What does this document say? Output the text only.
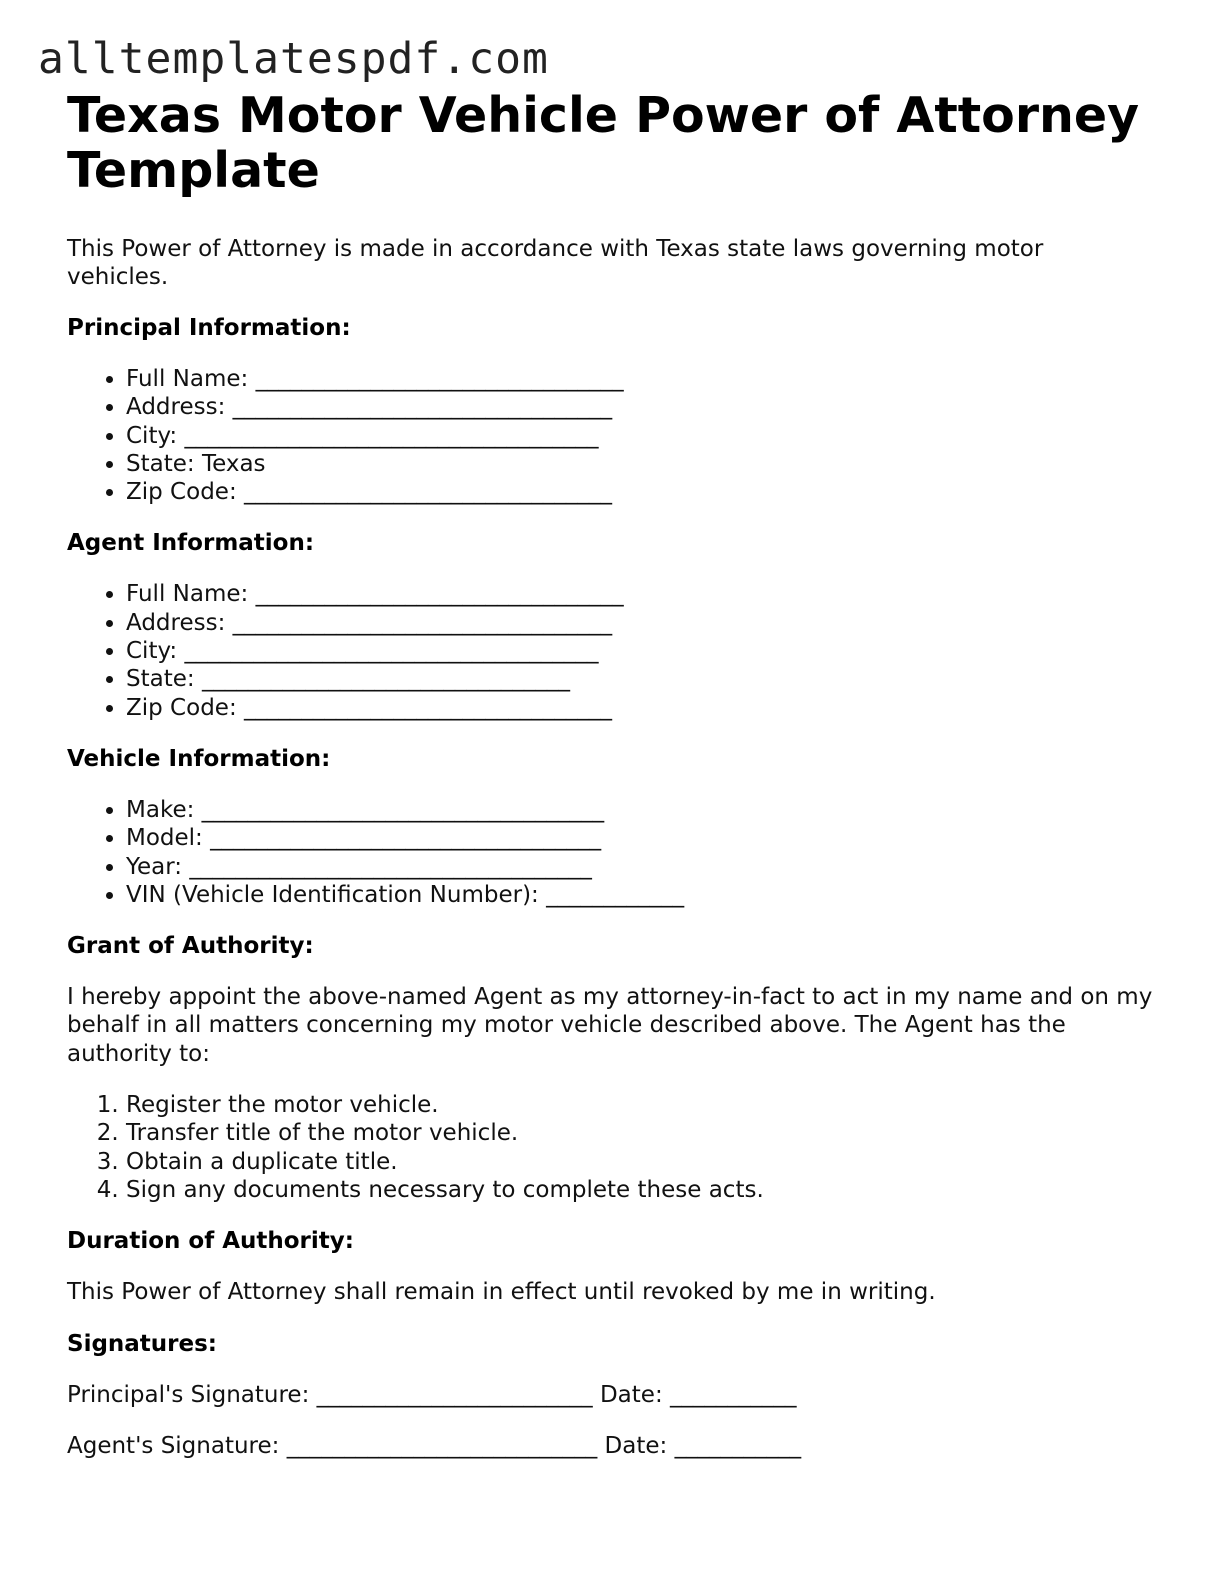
alltemplatespdf.com
Texas Motor Vehicle Power of Attorney Template

This Power of Attorney is made in accordance with Texas state laws governing motor vehicles.

Principal Information:
• Full Name: ________________________________
• Address: _________________________________
• City: ____________________________________
• State: Texas
• Zip Code: ________________________________
Agent Information:
• Full Name: ________________________________
• Address: _________________________________
• City: ____________________________________
• State: ________________________________
• Zip Code: ________________________________
Vehicle Information:
• Make: ___________________________________
• Model: __________________________________
• Year: ___________________________________
• VIN (Vehicle Identification Number): ____________
Grant of Authority:

I hereby appoint the above-named Agent as my attorney-in-fact to act in my name and on my behalf in all matters concerning my motor vehicle described above. The Agent has the authority to:

1. Register the motor vehicle.
2. Transfer title of the motor vehicle.
3. Obtain a duplicate title.
4. Sign any documents necessary to complete these acts.
Duration of Authority:

This Power of Attorney shall remain in effect until revoked by me in writing.

Signatures:

Principal's Signature: ________________________ Date: ___________

Agent's Signature: ___________________________ Date: ___________
